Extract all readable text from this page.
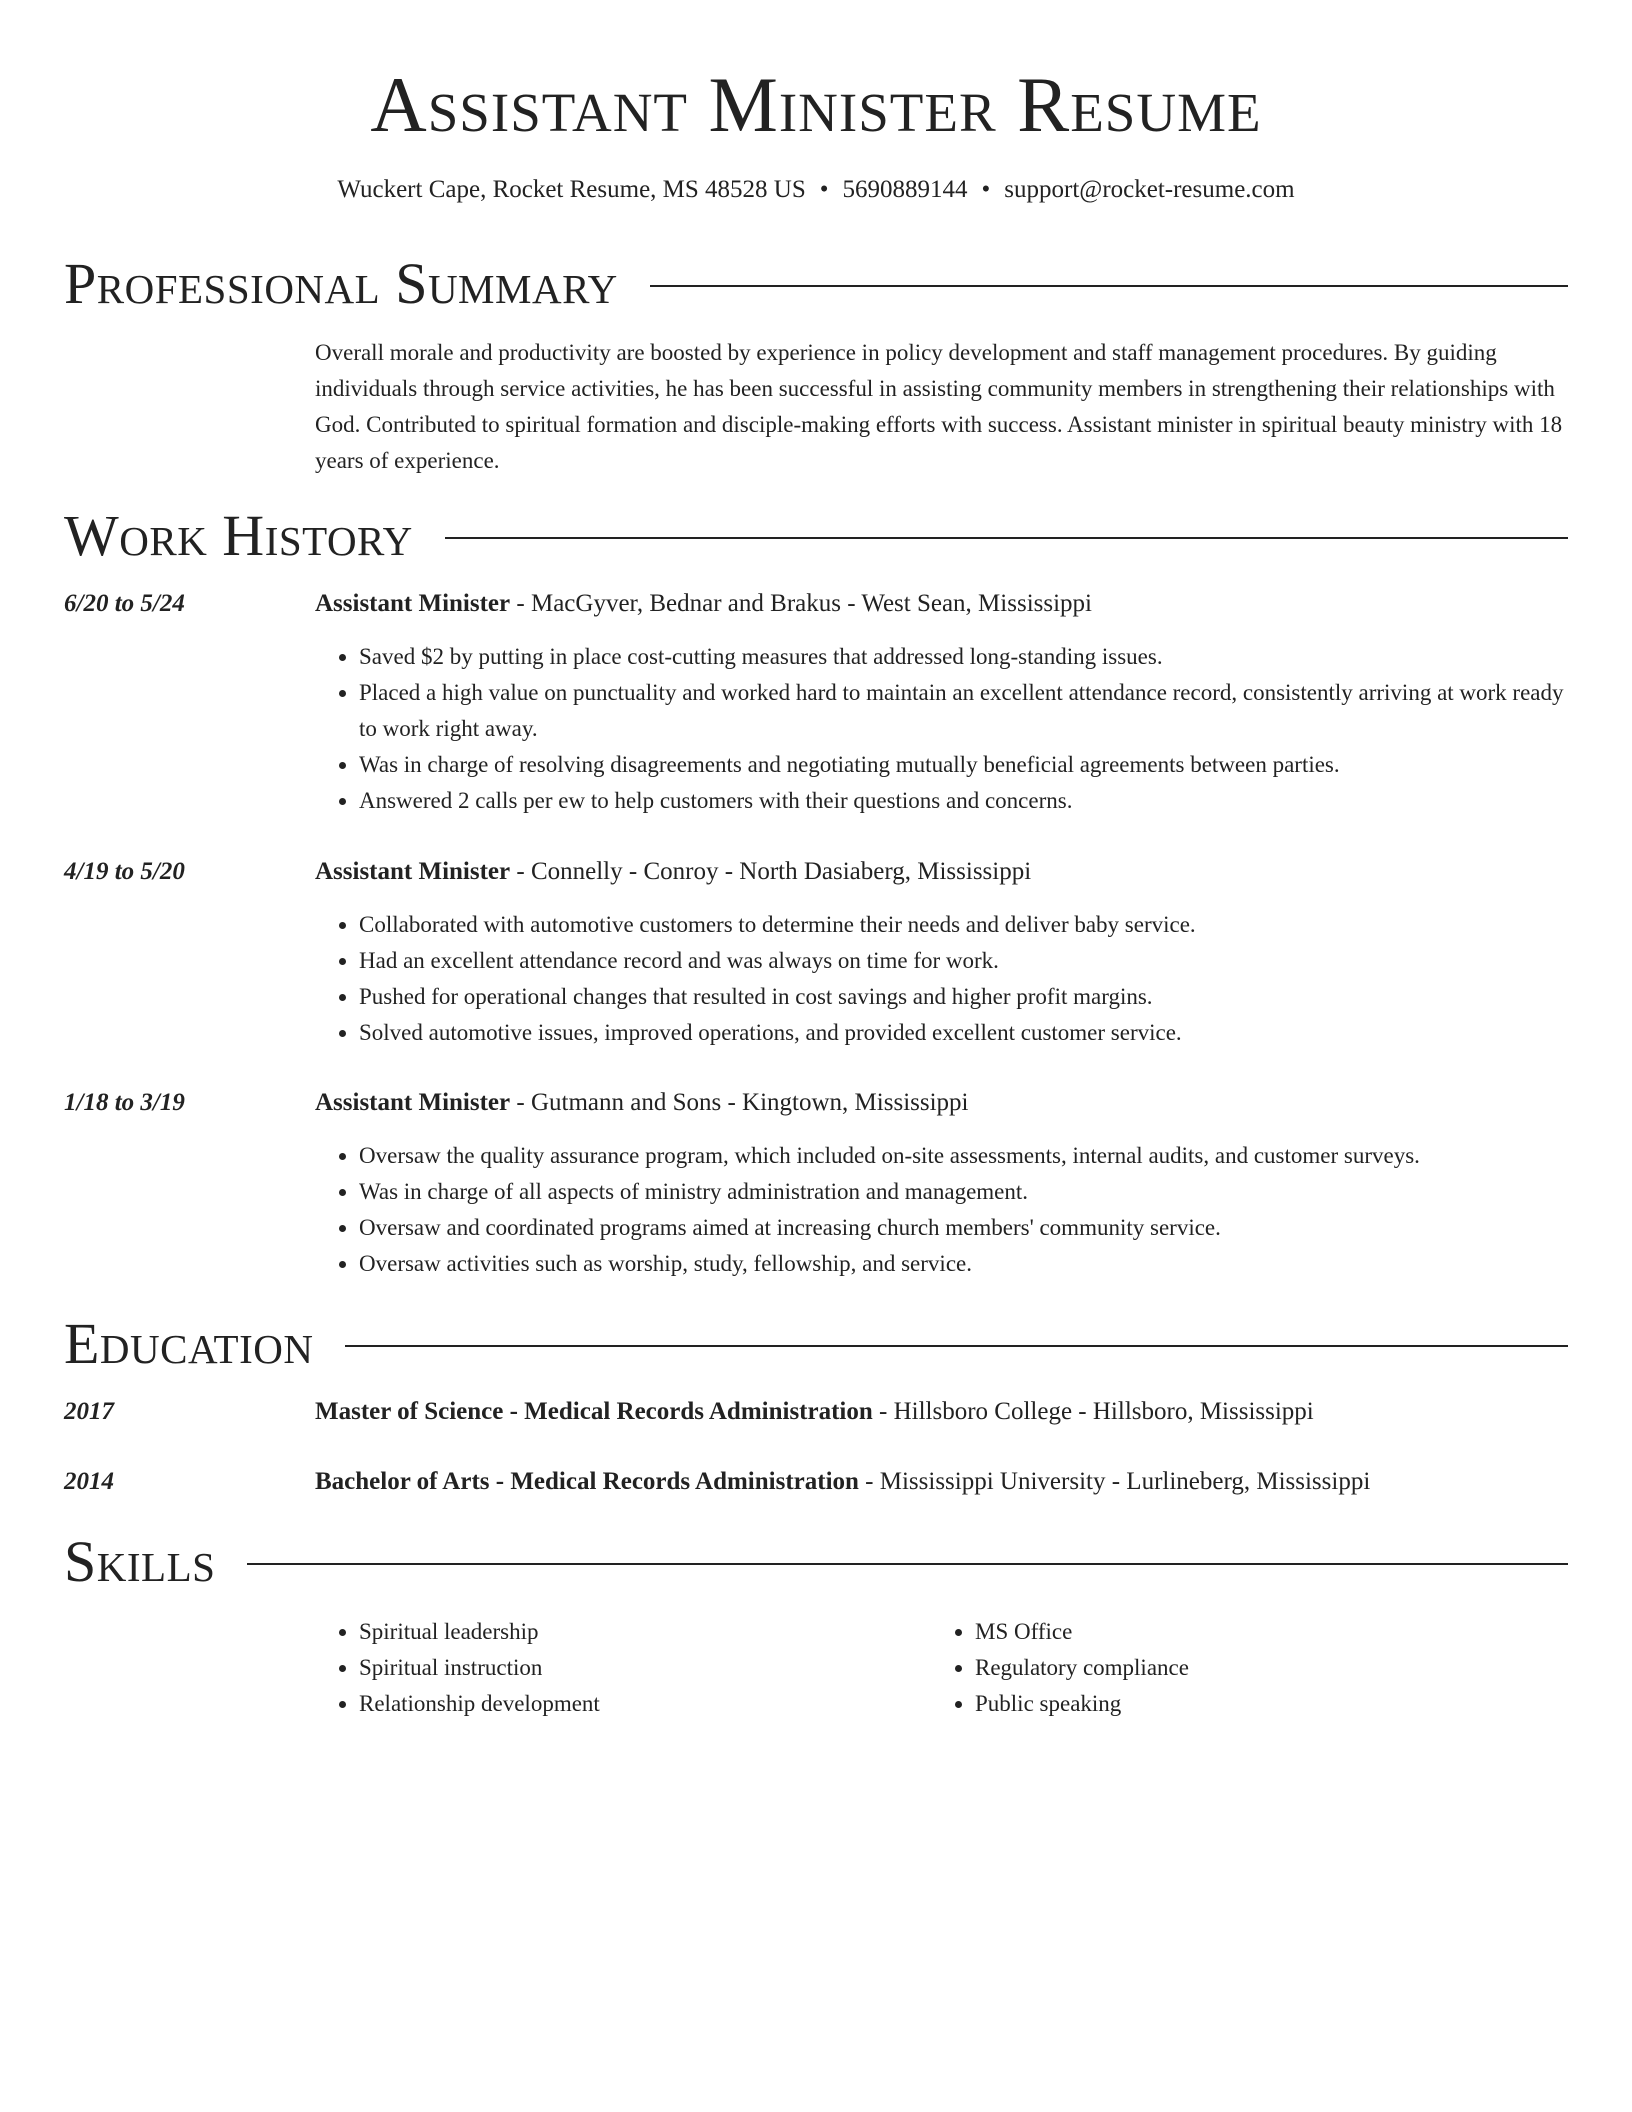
Assistant Minister Resume

Wuckert Cape, Rocket Resume, MS 48528 US • 5690889144 • support@rocket-resume.com

Professional Summary

Overall morale and productivity are boosted by experience in policy development and staff management procedures. By guiding individuals through service activities, he has been successful in assisting community members in strengthening their relationships with God. Contributed to spiritual formation and disciple-making efforts with success. Assistant minister in spiritual beauty ministry with 18 years of experience.

Work History
6/20 to 5/24	Assistant Minister - MacGyver, Bednar and Brakus - West Sean, Mississippi
• Saved $2 by putting in place cost-cutting measures that addressed long-standing issues.
• Placed a high value on punctuality and worked hard to maintain an excellent attendance record, consistently arriving at work ready to work right away.
• Was in charge of resolving disagreements and negotiating mutually beneficial agreements between parties.
• Answered 2 calls per ew to help customers with their questions and concerns.
4/19 to 5/20	Assistant Minister - Connelly - Conroy - North Dasiaberg, Mississippi
• Collaborated with automotive customers to determine their needs and deliver baby service.
• Had an excellent attendance record and was always on time for work.
• Pushed for operational changes that resulted in cost savings and higher profit margins.
• Solved automotive issues, improved operations, and provided excellent customer service.
1/18 to 3/19	Assistant Minister - Gutmann and Sons - Kingtown, Mississippi
• Oversaw the quality assurance program, which included on-site assessments, internal audits, and customer surveys.
• Was in charge of all aspects of ministry administration and management.
• Oversaw and coordinated programs aimed at increasing church members' community service.
• Oversaw activities such as worship, study, fellowship, and service.
Education
2017	Master of Science - Medical Records Administration - Hillsboro College - Hillsboro, Mississippi
2014	Bachelor of Arts - Medical Records Administration - Mississippi University - Lurlineberg, Mississippi
Skills
• Spiritual leadership
• Spiritual instruction
• Relationship development
• MS Office
• Regulatory compliance
• Public speaking
